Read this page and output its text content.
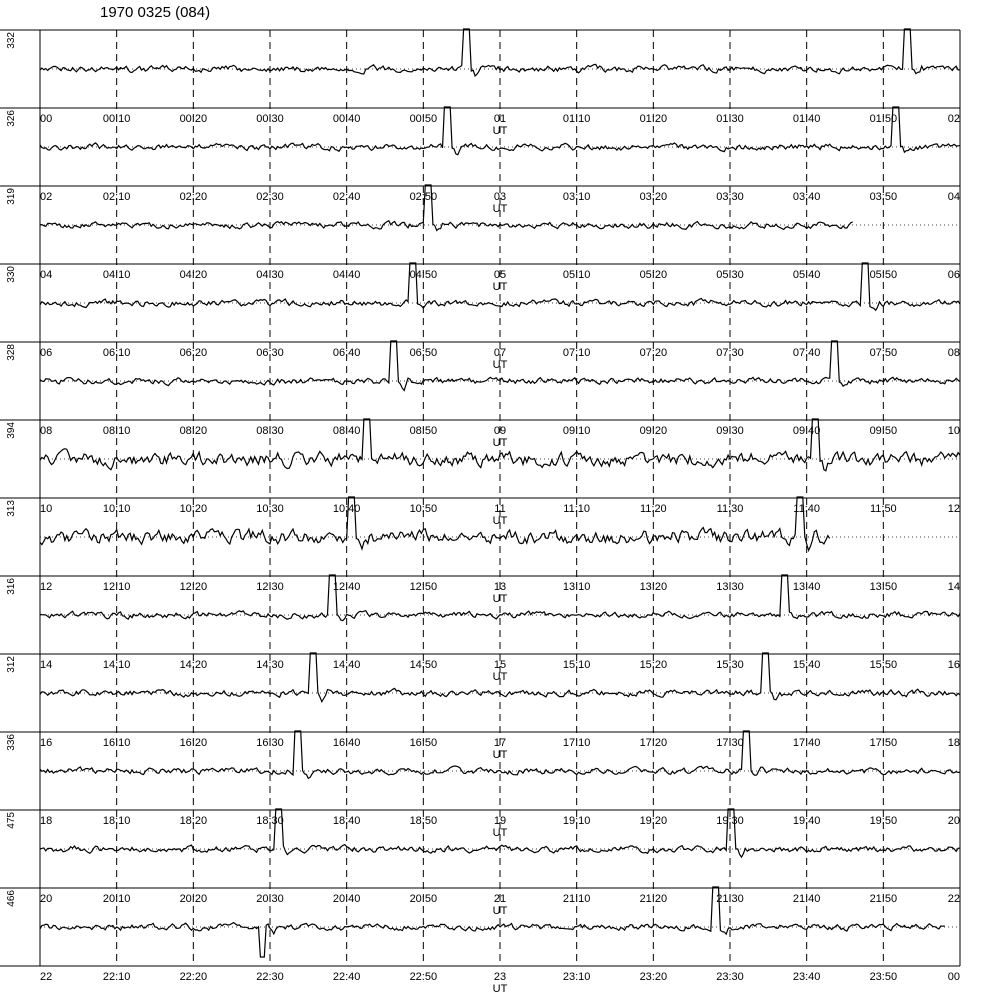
1970 0325 (084)
332
00	00:10	00:20	00:30	00:40	00:50	01	01:10	01:20	01:30	01:40	01:50	02
UT
326
02	02:10	02:20	02:30	02:40	02:50	03	03:10	03:20	03:30	03:40	03:50	04
UT
319
04	04:10	04:20	04:30	04:40	04:50	05	05:10	05:20	05:30	05:40	05:50	06
UT
330
06	06:10	06:20	06:30	06:40	06:50	07	07:10	07:20	07:30	07:40	07:50	08
UT
328
08	08:10	08:20	08:30	08:40	08:50	09	09:10	09:20	09:30	09:40	09:50	10
UT
394
10	10:10	10:20	10:30	10:40	10:50	11	11:10	11:20	11:30	11:40	11:50	12
UT
313
12	12:10	12:20	12:30	12:40	12:50	13	13:10	13:20	13:30	13:40	13:50	14
UT
316
14	14:10	14:20	14:30	14:40	14:50	15	15:10	15:20	15:30	15:40	15:50	16
UT
312
16	16:10	16:20	16:30	16:40	16:50	17	17:10	17:20	17:30	17:40	17:50	18
UT
336
18	18:10	18:20	18:30	18:40	18:50	19	19:10	19:20	19:30	19:40	19:50	20
UT
475
20	20:10	20:20	20:30	20:40	20:50	21	21:10	21:20	21:30	21:40	21:50	22
UT
466
22	22:10	22:20	22:30	22:40	22:50	23	23:10	23:20	23:30	23:40	23:50	00
UT
